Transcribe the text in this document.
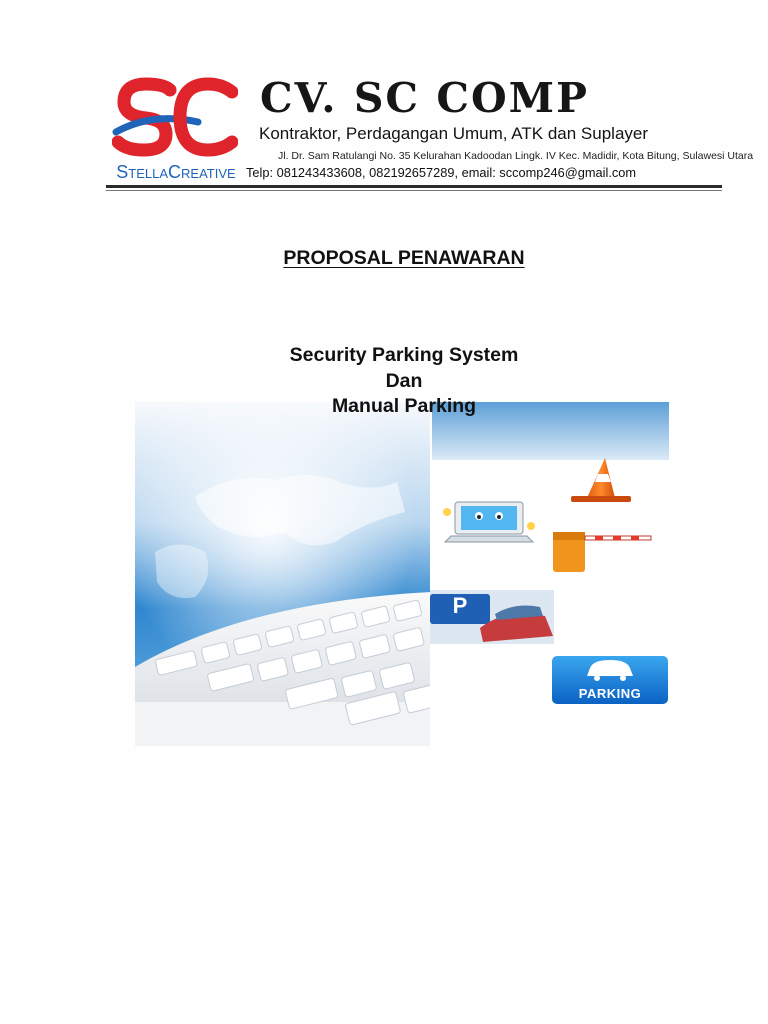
STELLACREATIVE
CV. SC COMP
Kontraktor, Perdagangan Umum, ATK dan Suplayer
Jl. Dr. Sam Ratulangi No. 35 Kelurahan Kadoodan Lingk. IV Kec. Madidir, Kota Bitung, Sulawesi Utara
Telp: 081243433608, 082192657289, email: sccomp246@gmail.com
PROPOSAL PENAWARAN
P
PARKING
Security Parking System
Dan
Manual Parking
